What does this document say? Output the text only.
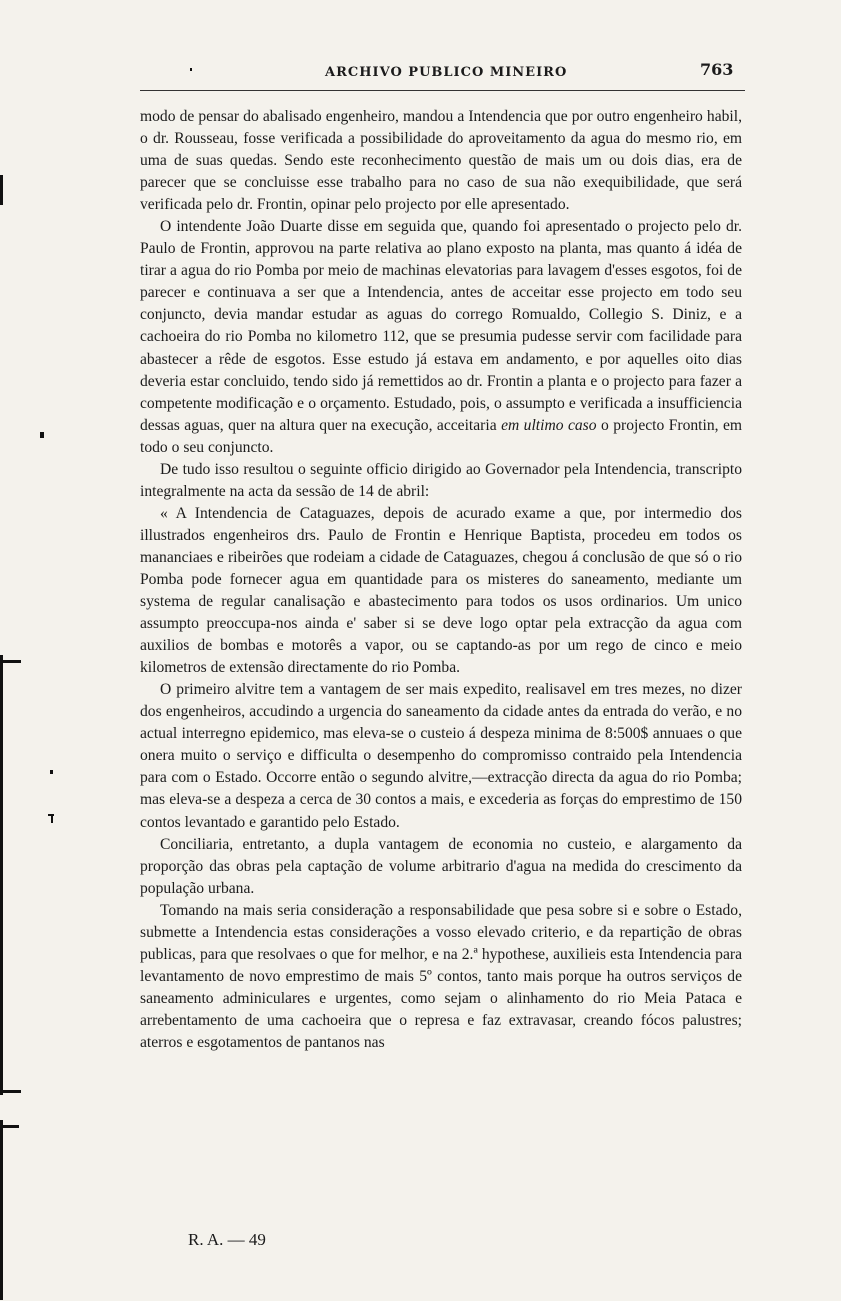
ARCHIVO PUBLICO MINEIRO	763

modo de pensar do abalisado engenheiro, mandou a Intendencia que por outro engenheiro habil, o dr. Rousseau, fosse verificada a possibilidade do aproveitamento da agua do mesmo rio, em uma de suas quedas. Sendo este reconhecimento questão de mais um ou dois dias, era de parecer que se concluisse esse trabalho para no caso de sua não exequibilidade, que será verificada pelo dr. Frontin, opinar pelo projecto por elle apresentado.

O intendente João Duarte disse em seguida que, quando foi apresentado o projecto pelo dr. Paulo de Frontin, approvou na parte relativa ao plano exposto na planta, mas quanto á idéa de tirar a agua do rio Pomba por meio de machinas elevatorias para lavagem d'esses esgotos, foi de parecer e continuava a ser que a Intendencia, antes de acceitar esse projecto em todo seu conjuncto, devia mandar estudar as aguas do corrego Romualdo, Collegio S. Diniz, e a cachoeira do rio Pomba no kilometro 112, que se presumia pudesse servir com facilidade para abastecer a rêde de esgotos. Esse estudo já estava em andamento, e por aquelles oito dias deveria estar concluido, tendo sido já remettidos ao dr. Frontin a planta e o projecto para fazer a competente modificação e o orçamento. Estudado, pois, o assumpto e verificada a insufficiencia dessas aguas, quer na altura quer na execução, acceitaria em ultimo caso o projecto Frontin, em todo o seu conjuncto.

De tudo isso resultou o seguinte officio dirigido ao Governador pela Intendencia, transcripto integralmente na acta da sessão de 14 de abril:

« A Intendencia de Cataguazes, depois de acurado exame a que, por intermedio dos illustrados engenheiros drs. Paulo de Frontin e Henrique Baptista, procedeu em todos os mananciaes e ribeirões que rodeiam a cidade de Cataguazes, chegou á conclusão de que só o rio Pomba pode fornecer agua em quantidade para os misteres do saneamento, mediante um systema de regular canalisação e abastecimento para todos os usos ordinarios. Um unico assumpto preoccupa-nos ainda e' saber si se deve logo optar pela extracção da agua com auxilios de bombas e motorês a vapor, ou se captando-as por um rego de cinco e meio kilometros de extensão directamente do rio Pomba.

O primeiro alvitre tem a vantagem de ser mais expedito, realisavel em tres mezes, no dizer dos engenheiros, accudindo a urgencia do saneamento da cidade antes da entrada do verão, e no actual interregno epidemico, mas eleva-se o custeio á despeza minima de 8:500$ annuaes o que onera muito o serviço e difficulta o desempenho do compromisso contraido pela Intendencia para com o Estado. Occorre então o segundo alvitre,—extracção directa da agua do rio Pomba; mas eleva-se a despeza a cerca de 30 contos a mais, e excederia as forças do emprestimo de 150 contos levantado e garantido pelo Estado.

Conciliaria, entretanto, a dupla vantagem de economia no custeio, e alargamento da proporção das obras pela captação de volume arbitrario d'agua na medida do crescimento da população urbana.

Tomando na mais seria consideração a responsabilidade que pesa sobre si e sobre o Estado, submette a Intendencia estas considerações a vosso elevado criterio, e da repartição de obras publicas, para que resolvaes o que for melhor, e na 2.ª hypothese, auxilieis esta Intendencia para levantamento de novo emprestimo de mais 5º contos, tanto mais porque ha outros serviços de saneamento adminiculares e urgentes, como sejam o alinhamento do rio Meia Pataca e arrebentamento de uma cachoeira que o represa e faz extravasar, creando fócos palustres; aterros e esgotamentos de pantanos nas

R. A. — 49
